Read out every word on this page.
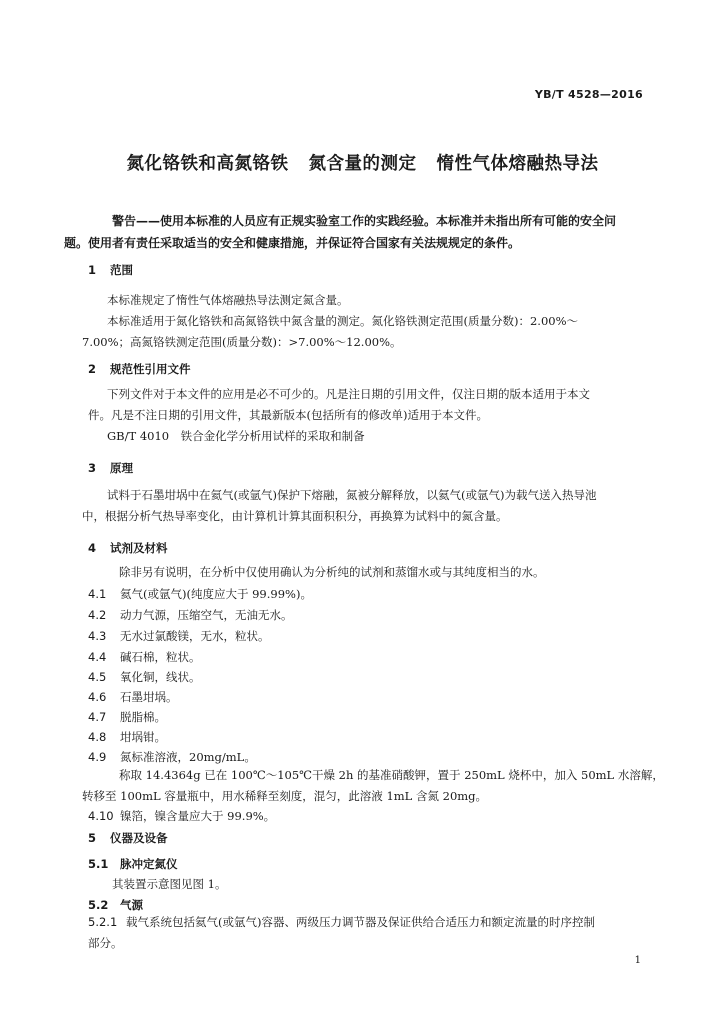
YB/T 4528—2016
氮化铬铁和高氮铬铁 氮含量的测定 惰性气体熔融热导法
警告——使用本标准的人员应有正规实验室工作的实践经验。本标准并未指出所有可能的安全问
题。使用者有责任采取适当的安全和健康措施，并保证符合国家有关法规规定的条件。
1 范围
本标准规定了惰性气体熔融热导法测定氮含量。
本标准适用于氮化铬铁和高氮铬铁中氮含量的测定。氮化铬铁测定范围(质量分数)：2.00%～
7.00%；高氮铬铁测定范围(质量分数)：>7.00%～12.00%。
2 规范性引用文件
下列文件对于本文件的应用是必不可少的。凡是注日期的引用文件，仅注日期的版本适用于本文
件。凡是不注日期的引用文件，其最新版本(包括所有的修改单)适用于本文件。
GB/T 4010　铁合金化学分析用试样的采取和制备
3 原理
试料于石墨坩埚中在氦气(或氩气)保护下熔融，氮被分解释放，以氦气(或氩气)为载气送入热导池
中，根据分析气热导率变化，由计算机计算其面积积分，再换算为试料中的氮含量。
4 试剂及材料
除非另有说明，在分析中仅使用确认为分析纯的试剂和蒸馏水或与其纯度相当的水。
4.1 氦气(或氩气)(纯度应大于 99.99%)。
4.2 动力气源，压缩空气，无油无水。
4.3 无水过氯酸镁，无水，粒状。
4.4 碱石棉，粒状。
4.5 氧化铜，线状。
4.6 石墨坩埚。
4.7 脱脂棉。
4.8 坩埚钳。
4.9 氮标准溶液，20mg/mL。
称取 14.4364g 已在 100℃～105℃干燥 2h 的基准硝酸钾，置于 250mL 烧杯中，加入 50mL 水溶解，
转移至 100mL 容量瓶中，用水稀释至刻度，混匀，此溶液 1mL 含氮 20mg。
4.10 镍箔，镍含量应大于 99.9%。
5 仪器及设备
5.1 脉冲定氮仪
其装置示意图见图 1。
5.2 气源
5.2.1 载气系统包括氦气(或氩气)容器、两级压力调节器及保证供给合适压力和额定流量的时序控制
部分。
1
